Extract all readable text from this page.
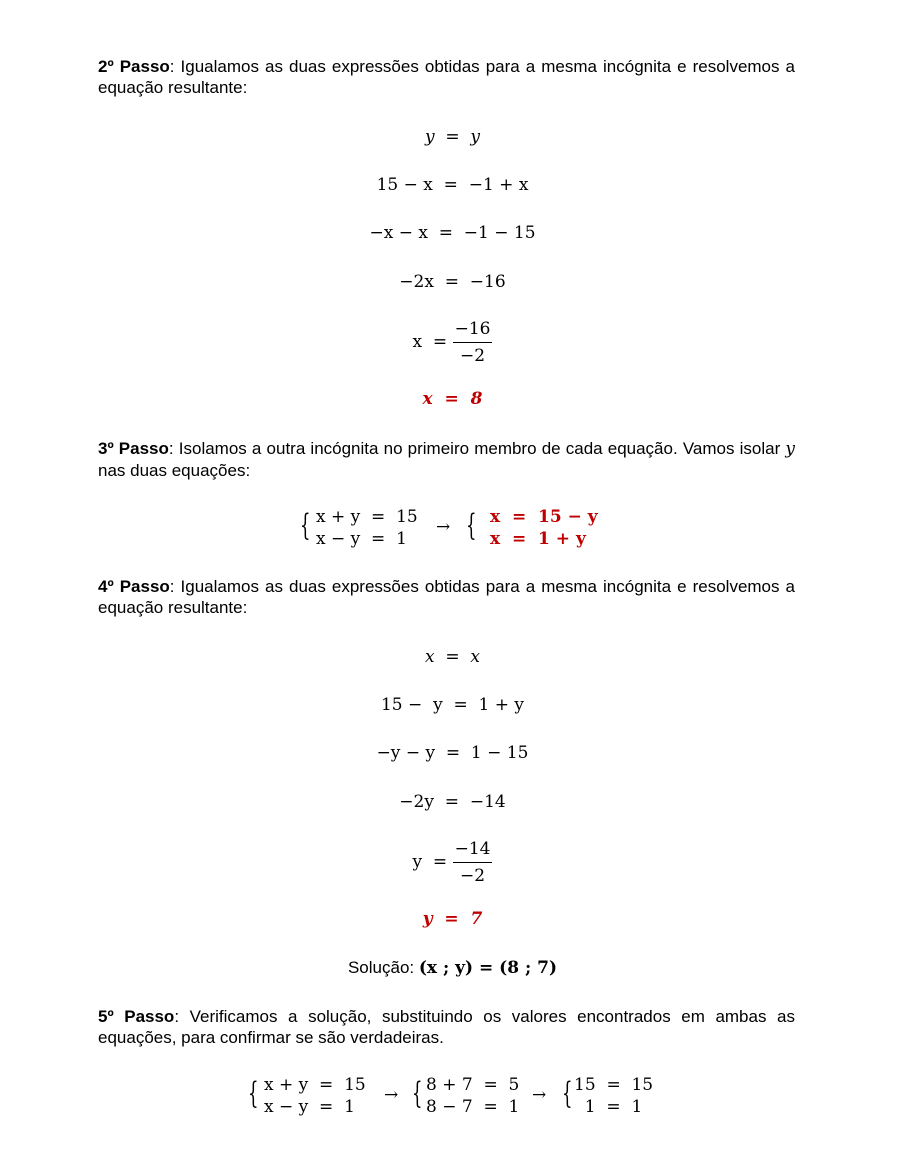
2º Passo: Igualamos as duas expressões obtidas para a mesma incógnita e resolvemos a equação resultante:
y  =  y
15 − x  =  −1 + x
−x − x  =  −1 − 15
−2x  =  −16
$x = \frac{-16}{-2}$
x  =  8
3º Passo: Isolamos a outra incógnita no primeiro membro de cada equação. Vamos isolar y nas duas equações:
{ x + y  =  15
x − y  =  1
→ { x  =  15 − y
x  =  1 + y
4º Passo: Igualamos as duas expressões obtidas para a mesma incógnita e resolvemos a equação resultante:
x  =  x
15 −  y  =  1 + y
−y − y  =  1 − 15
−2y  =  −14
$y = \frac{-14}{-2}$
y  =  7
Solução: (x ; y) = (8 ; 7)
5º Passo: Verificamos a solução, substituindo os valores encontrados em ambas as equações, para confirmar se são verdadeiras.
{ x + y  =  15
x − y  =  1
→ { 8 + 7  =  5
8 − 7  =  1
→ { 15  =  15
1  =  1
